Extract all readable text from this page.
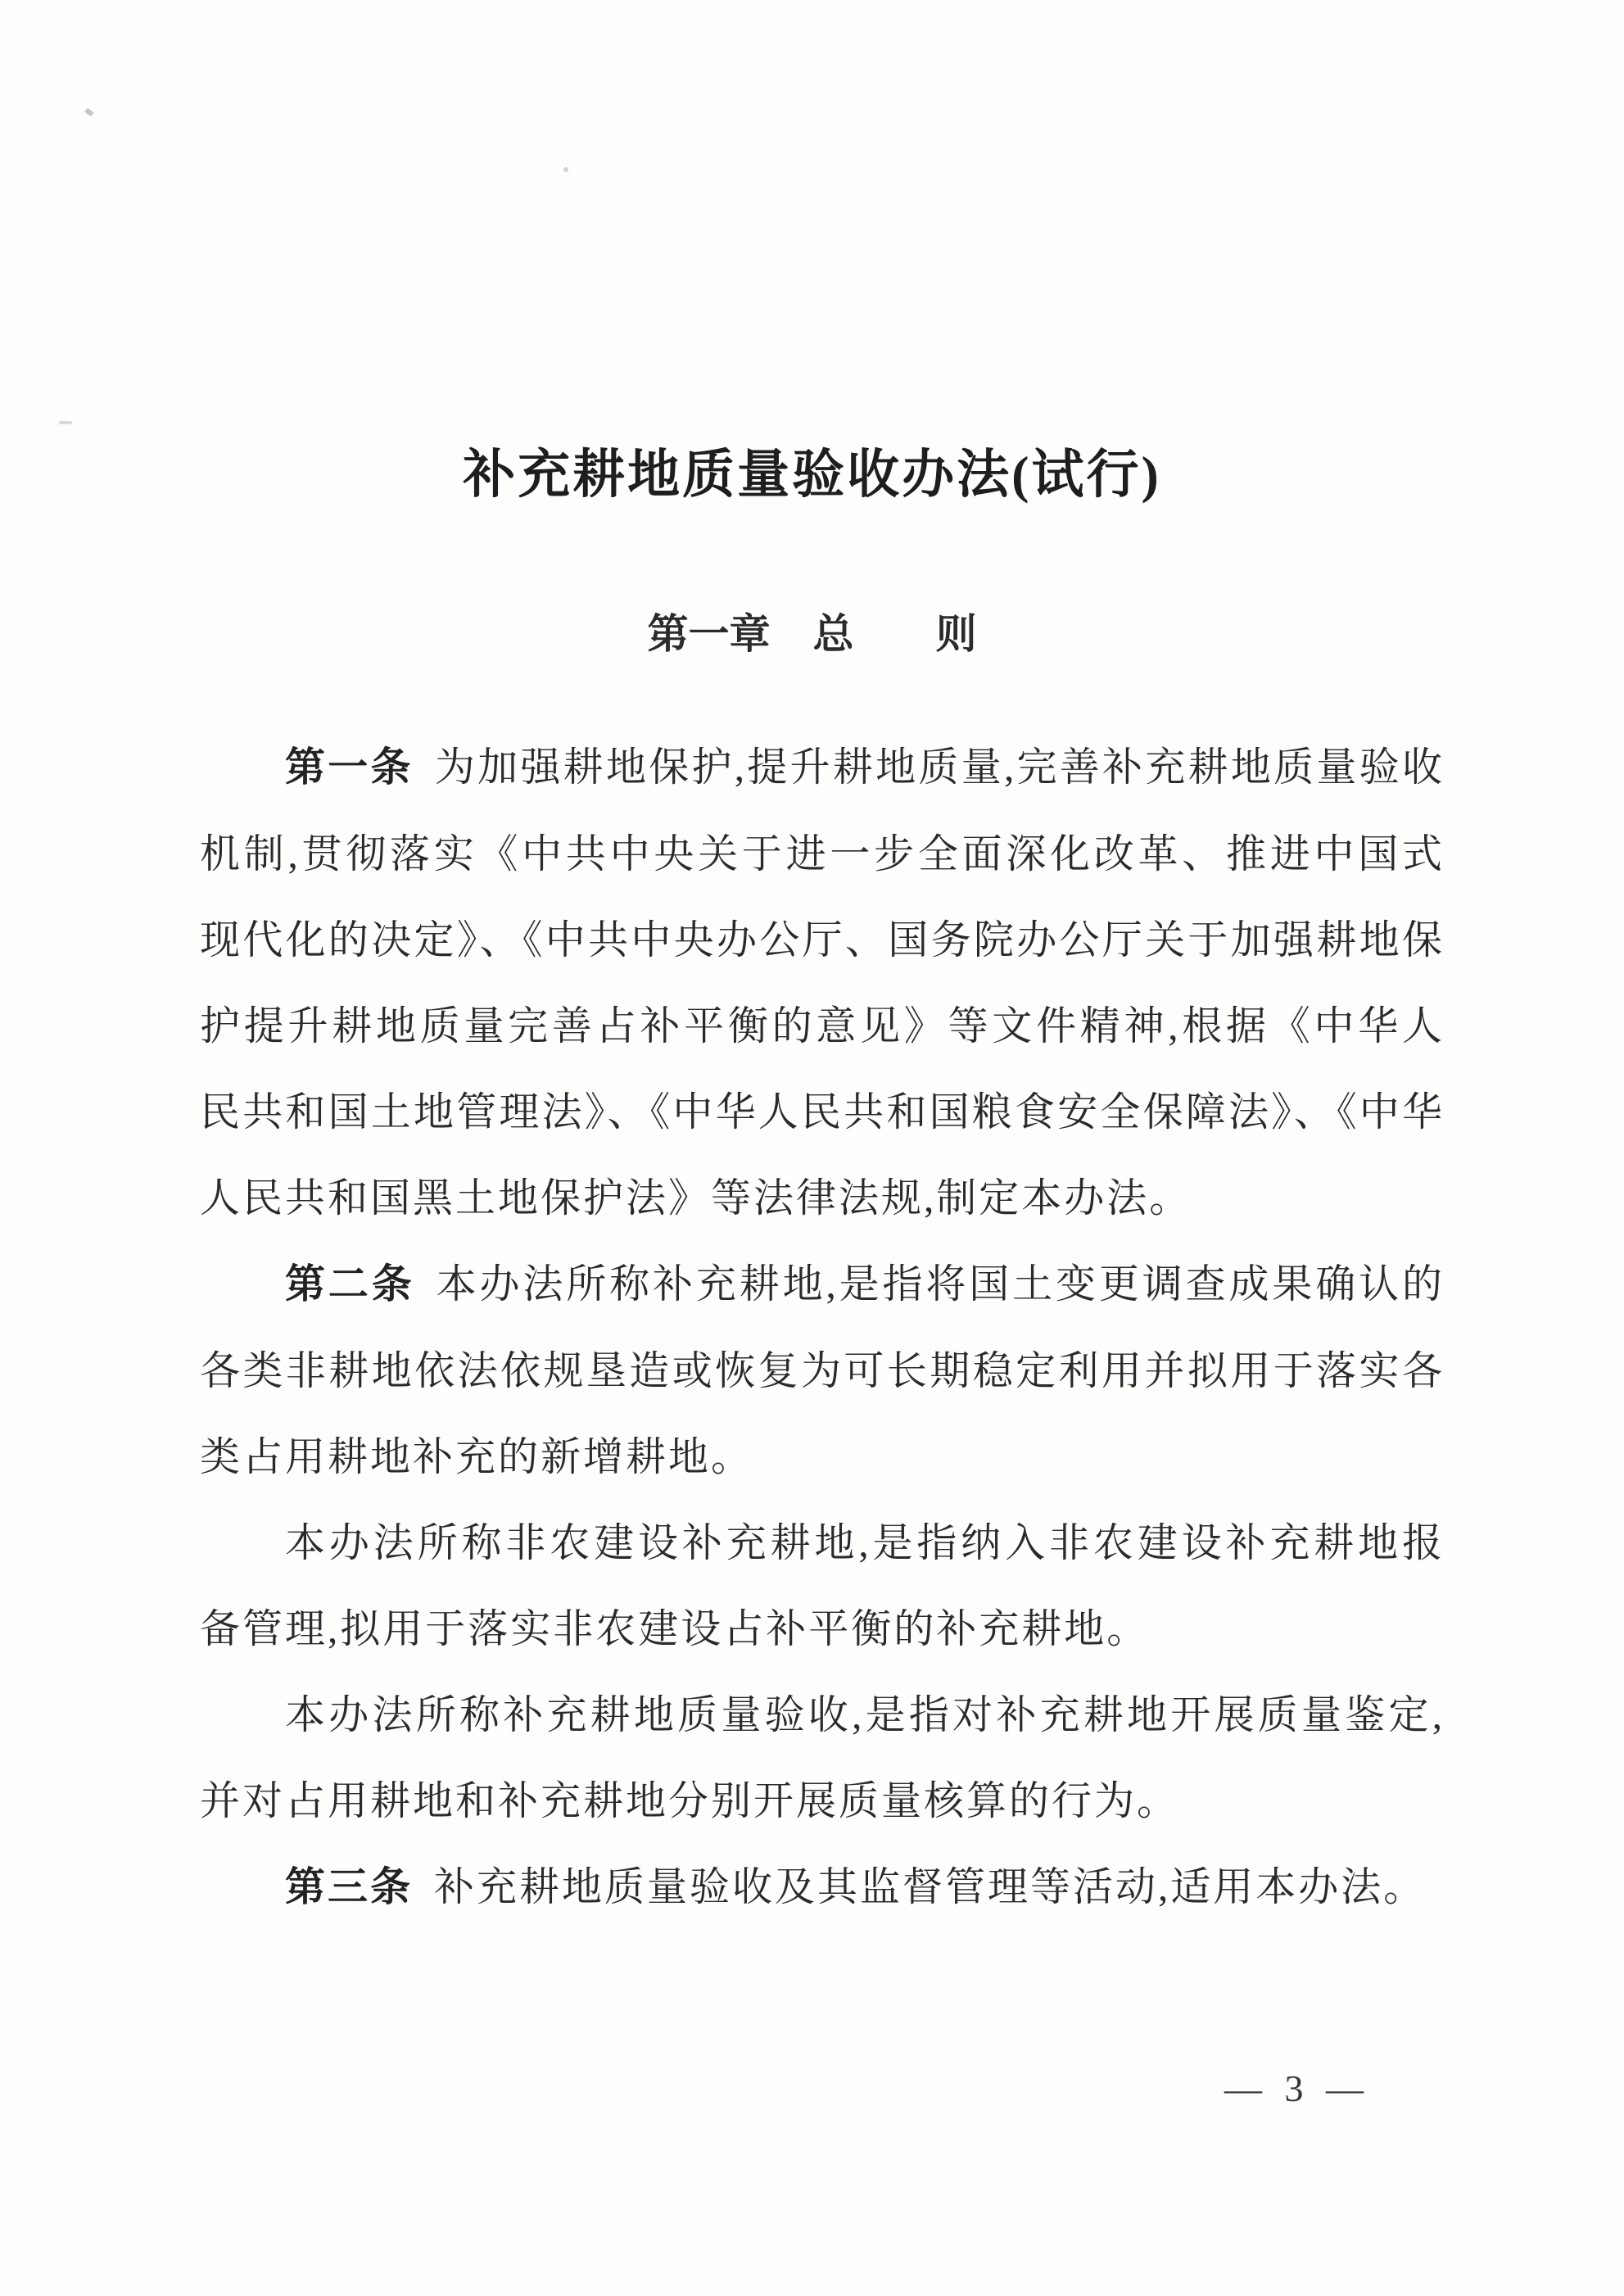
补充耕地质量验收办法(试行)
第一章 总　　则

第一条 为加强耕地保护,提升耕地质量,完善补充耕地质量验收机制,贯彻落实《中共中央关于进一步全面深化改革、推进中国式现代化的决定》、《中共中央办公厅、国务院办公厅关于加强耕地保护提升耕地质量完善占补平衡的意见》等文件精神,根据《中华人民共和国土地管理法》、《中华人民共和国粮食安全保障法》、《中华人民共和国黑土地保护法》等法律法规,制定本办法。

第二条 本办法所称补充耕地,是指将国土变更调查成果确认的各类非耕地依法依规垦造或恢复为可长期稳定利用并拟用于落实各类占用耕地补充的新增耕地。

本办法所称非农建设补充耕地,是指纳入非农建设补充耕地报备管理,拟用于落实非农建设占补平衡的补充耕地。

本办法所称补充耕地质量验收,是指对补充耕地开展质量鉴定,并对占用耕地和补充耕地分别开展质量核算的行为。

第三条 补充耕地质量验收及其监督管理等活动,适用本办法。

— 3 —
